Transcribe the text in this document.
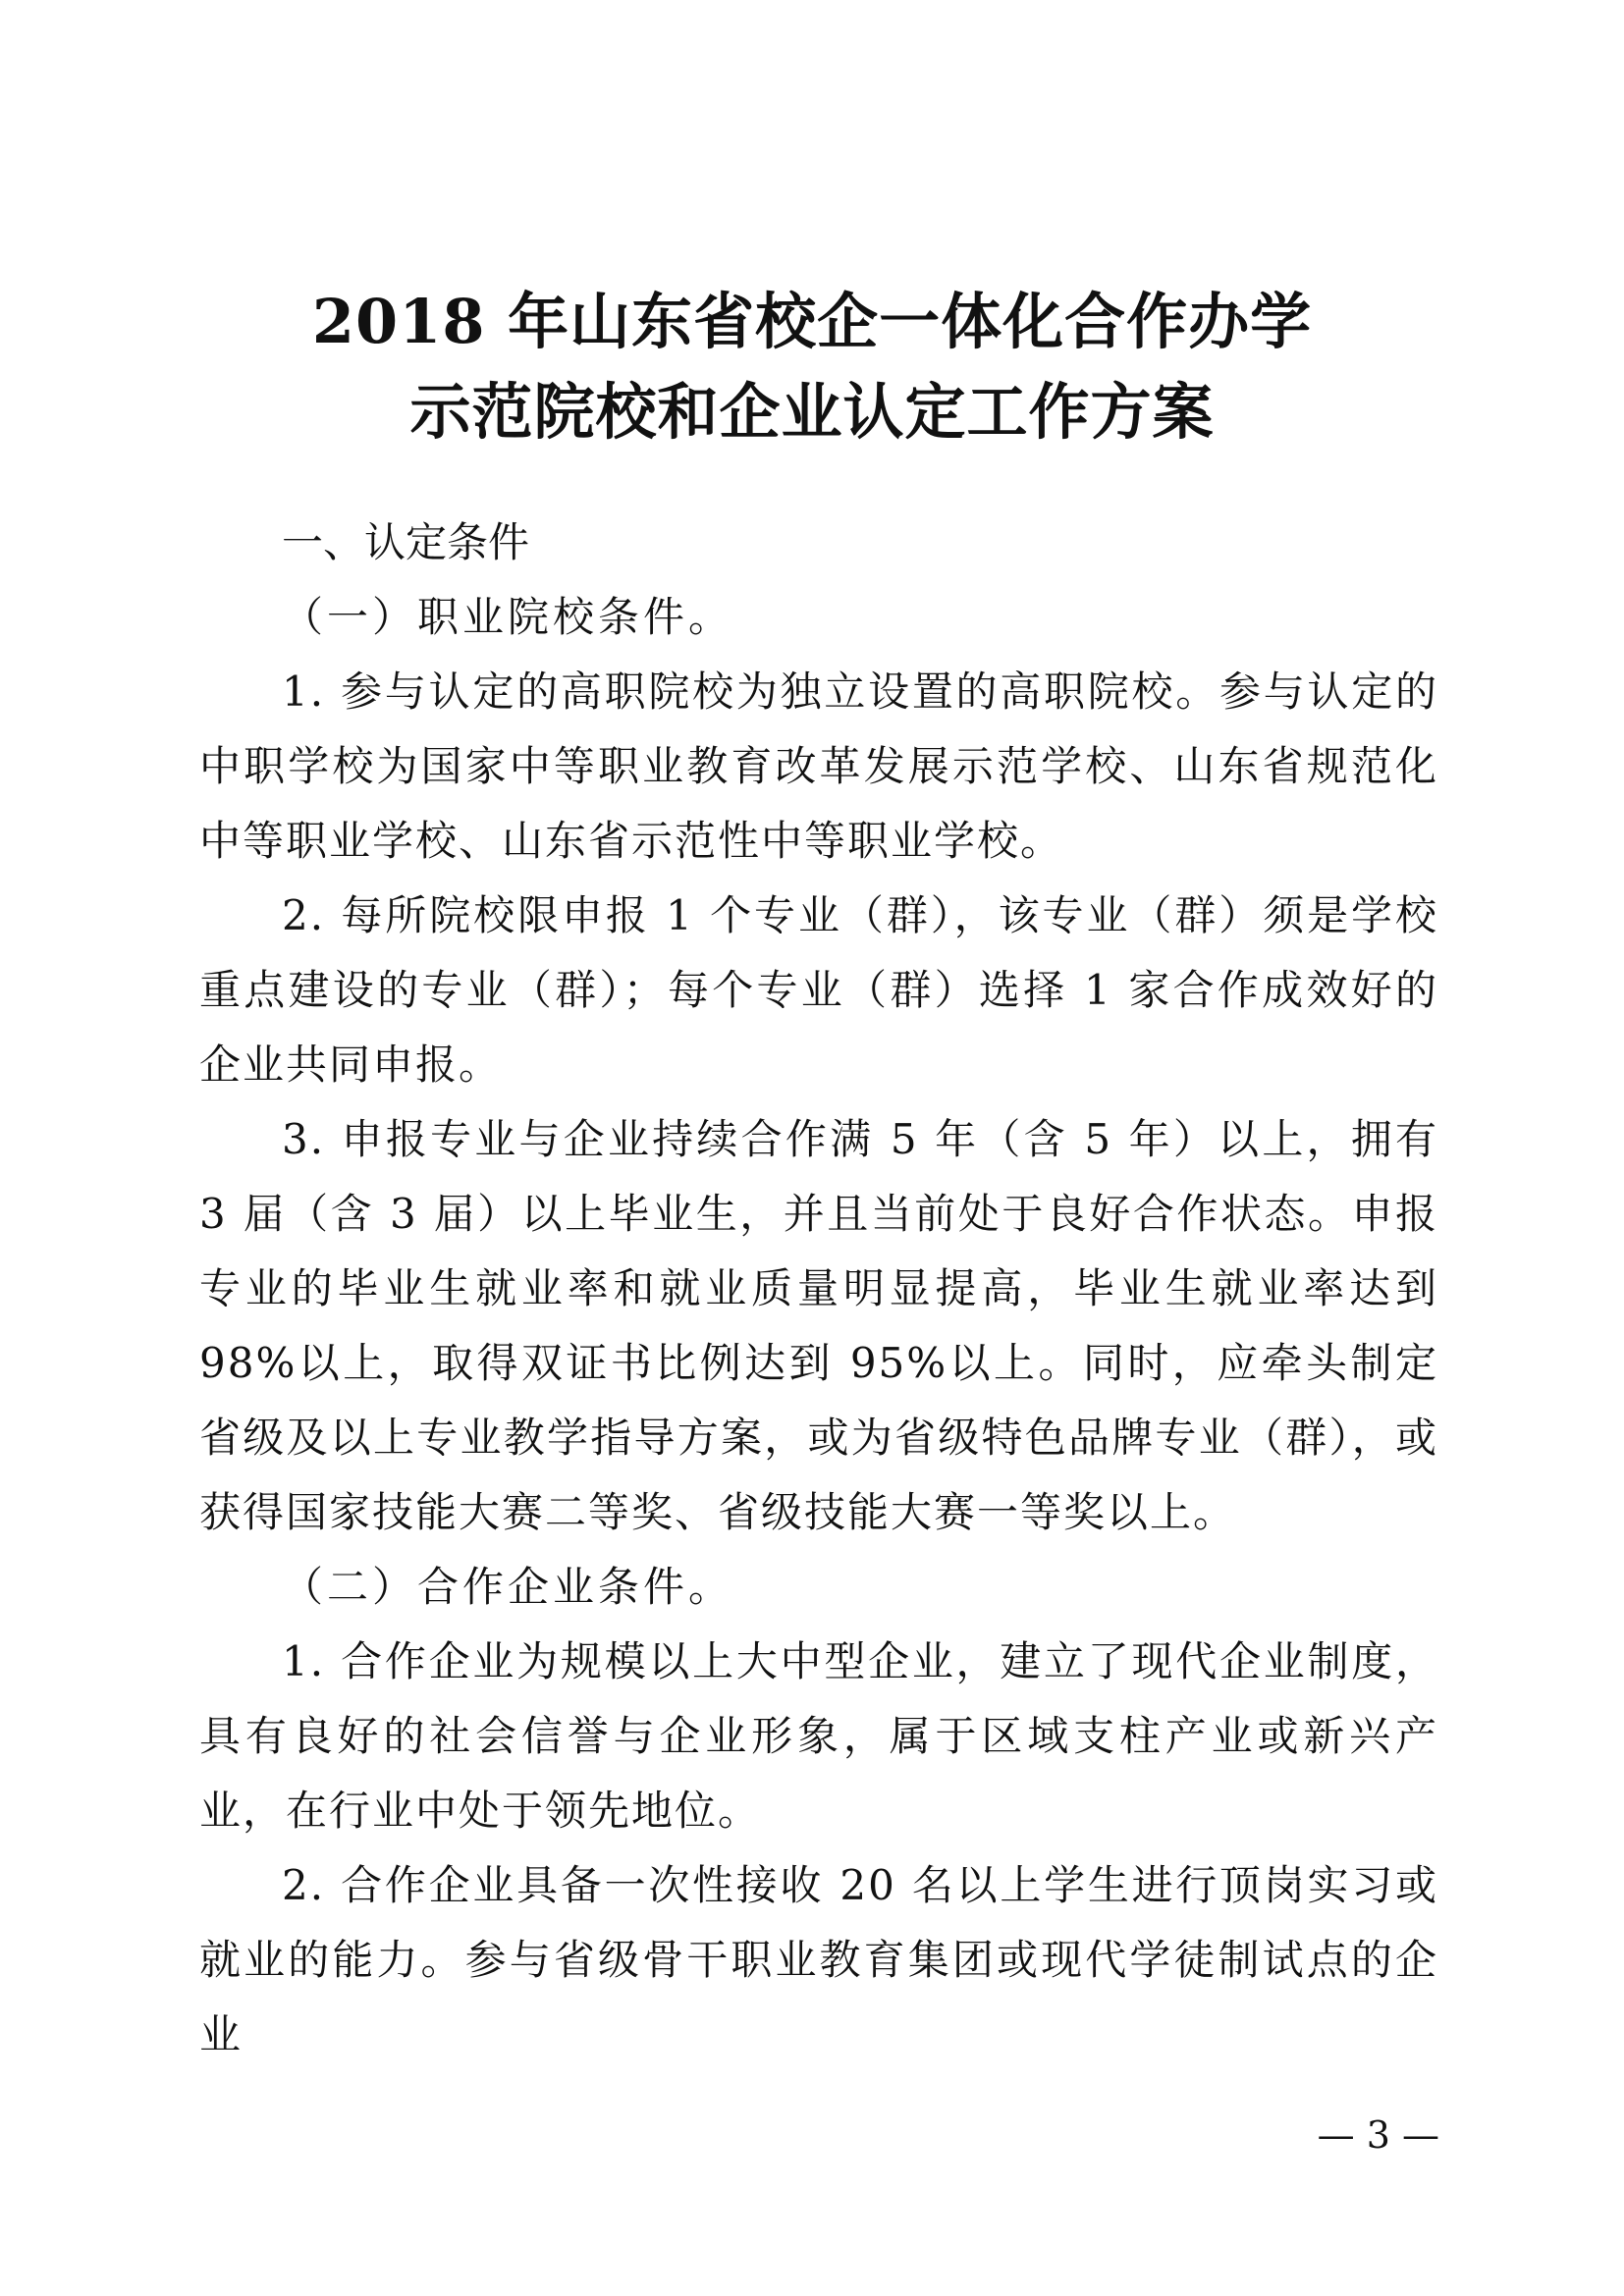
2018 年山东省校企一体化合作办学
示范院校和企业认定工作方案
一、认定条件
（一）职业院校条件。

1. 参与认定的高职院校为独立设置的高职院校。参与认定的中职学校为国家中等职业教育改革发展示范学校、山东省规范化中等职业学校、山东省示范性中等职业学校。

2. 每所院校限申报 1 个专业（群），该专业（群）须是学校重点建设的专业（群）；每个专业（群）选择 1 家合作成效好的企业共同申报。

3. 申报专业与企业持续合作满 5 年（含 5 年）以上，拥有 3 届（含 3 届）以上毕业生，并且当前处于良好合作状态。申报专业的毕业生就业率和就业质量明显提高，毕业生就业率达到 98%以上，取得双证书比例达到 95%以上。同时，应牵头制定省级及以上专业教学指导方案，或为省级特色品牌专业（群），或获得国家技能大赛二等奖、省级技能大赛一等奖以上。

（二）合作企业条件。

1. 合作企业为规模以上大中型企业，建立了现代企业制度，具有良好的社会信誉与企业形象，属于区域支柱产业或新兴产业，在行业中处于领先地位。

2. 合作企业具备一次性接收 20 名以上学生进行顶岗实习或就业的能力。参与省级骨干职业教育集团或现代学徒制试点的企业

— 3 —
